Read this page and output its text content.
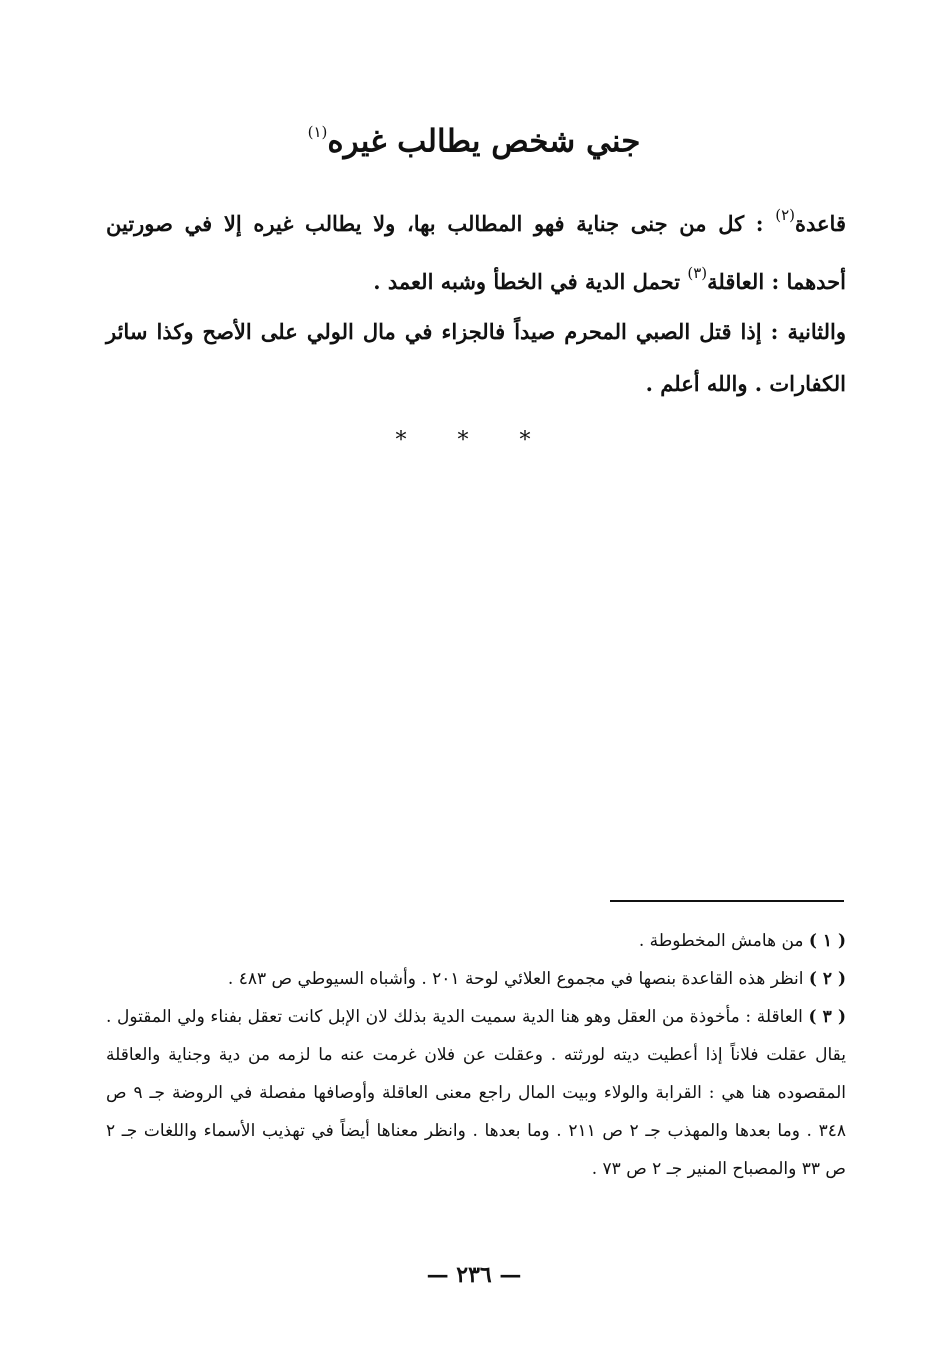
جني شخص يطالب غيره$^{(١)}$
قاعدة$^{(٢)}$ : كل من جنى جناية فهو المطالب بها، ولا يطالب غيره إلا في صورتين أحدهما : العاقلة$^{(٣)}$ تحمل الدية في الخطأ وشبه العمد .
والثانية : إذا قتل الصبي المحرم صيداً فالجزاء في مال الولي على الأصح وكذا سائر الكفارات . والله أعلم .
* * *

( ١ ) من هامش المخطوطة .

( ٢ ) انظر هذه القاعدة بنصها في مجموع العلائي لوحة ٢٠١ . وأشباه السيوطي ص ٤٨٣ .

( ٣ ) العاقلة : مأخوذة من العقل وهو هنا الدية سميت الدية بذلك لان الإبل كانت تعقل بفناء ولي المقتول . يقال عقلت فلاناً إذا أعطيت ديته لورثته . وعقلت عن فلان غرمت عنه ما لزمه من دية وجناية والعاقلة المقصوده هنا هي : القرابة والولاء وبيت المال راجع معنى العاقلة وأوصافها مفصلة في الروضة جـ ٩ ص ٣٤٨ . وما بعدها والمهذب جـ ٢ ص ٢١١ . وما بعدها . وانظر معناها أيضاً في تهذيب الأسماء واللغات جـ ٢ ص ٣٣ والمصباح المنير جـ ٢ ص ٧٣ .

— ٢٣٦ —
